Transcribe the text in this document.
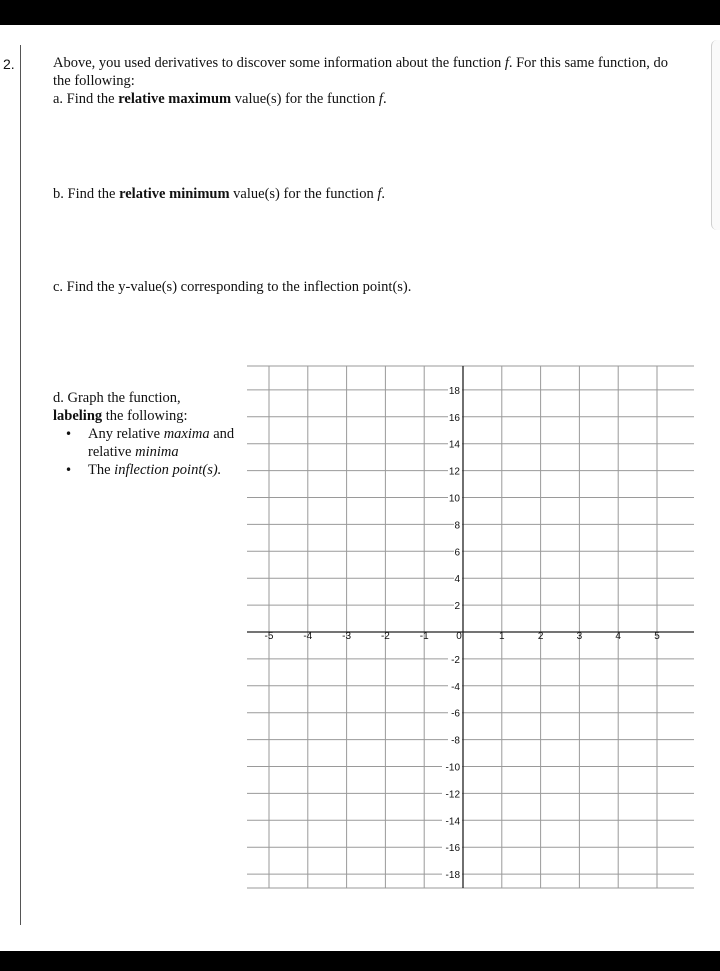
2.	Above, you used derivatives to discover some information about the function f. For this same function, do the following:
a. Find the relative maximum value(s) for the function f.
b. Find the relative minimum value(s) for the function f.
c. Find the y-value(s) corresponding to the inflection point(s).
d. Graph the function,
labeling the following:
• Any relative maxima and relative minima
• The inflection point(s).
-5	-4	-3	-2	-1	0	1	2	3	4	5
18
16
14
12
10
8
6
4
2
-2
-4
-6
-8
-10
-12
-14
-16
-18
